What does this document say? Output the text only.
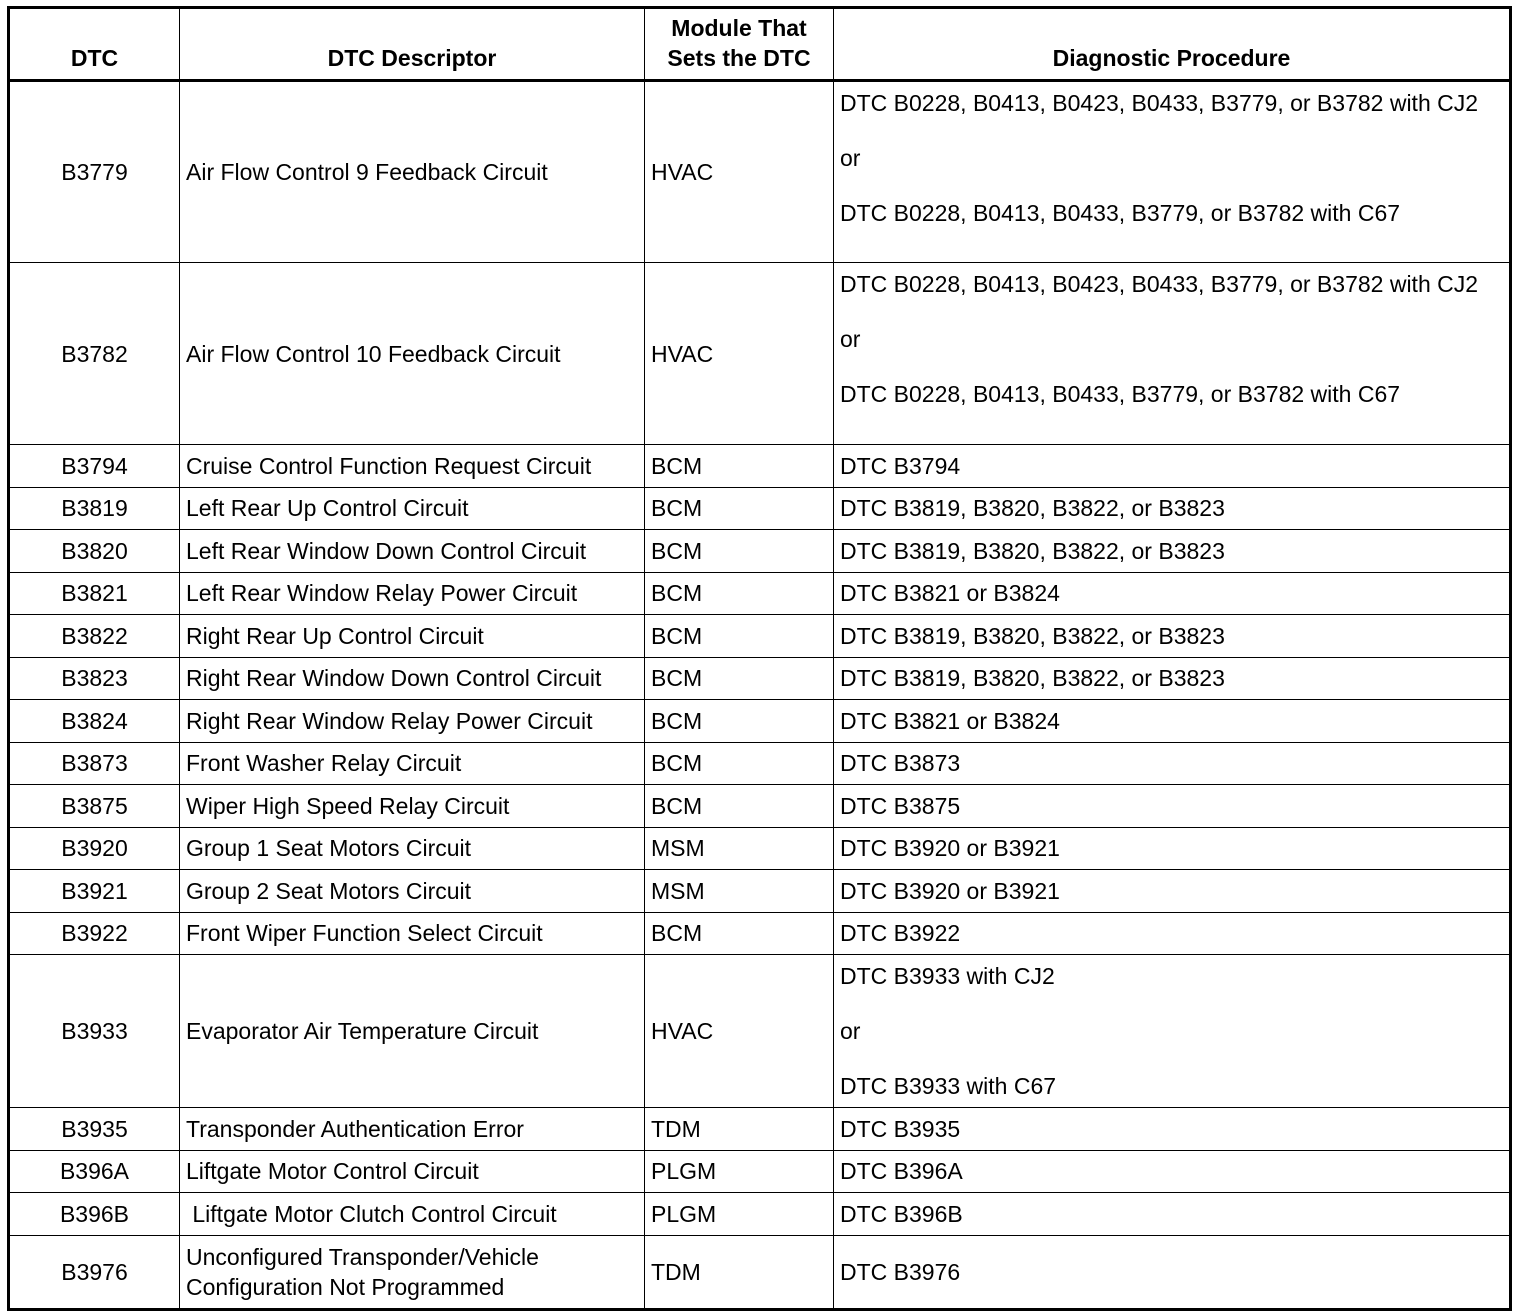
DTC	DTC Descriptor	Module That Sets the DTC	Diagnostic Procedure
B3779	Air Flow Control 9 Feedback Circuit	HVAC	DTC B0228, B0413, B0423, B0433, B3779, or B3782 with CJ2
or
DTC B0228, B0413, B0433, B3779, or B3782 with C67

B3782	Air Flow Control 10 Feedback Circuit	HVAC	DTC B0228, B0413, B0423, B0433, B3779, or B3782 with CJ2
or
DTC B0228, B0413, B0433, B3779, or B3782 with C67

B3794	Cruise Control Function Request Circuit	BCM	DTC B3794

B3819	Left Rear Up Control Circuit	BCM	DTC B3819, B3820, B3822, or B3823

B3820	Left Rear Window Down Control Circuit	BCM	DTC B3819, B3820, B3822, or B3823

B3821	Left Rear Window Relay Power Circuit	BCM	DTC B3821 or B3824

B3822	Right Rear Up Control Circuit	BCM	DTC B3819, B3820, B3822, or B3823

B3823	Right Rear Window Down Control Circuit	BCM	DTC B3819, B3820, B3822, or B3823

B3824	Right Rear Window Relay Power Circuit	BCM	DTC B3821 or B3824

B3873	Front Washer Relay Circuit	BCM	DTC B3873

B3875	Wiper High Speed Relay Circuit	BCM	DTC B3875

B3920	Group 1 Seat Motors Circuit	MSM	DTC B3920 or B3921

B3921	Group 2 Seat Motors Circuit	MSM	DTC B3920 or B3921

B3922	Front Wiper Function Select Circuit	BCM	DTC B3922

B3933	Evaporator Air Temperature Circuit	HVAC	DTC B3933 with CJ2
or
DTC B3933 with C67

B3935	Transponder Authentication Error	TDM	DTC B3935

B396A	Liftgate Motor Control Circuit	PLGM	DTC B396A

B396B	Liftgate Motor Clutch Control Circuit	PLGM	DTC B396B

B3976	Unconfigured Transponder/Vehicle Configuration Not Programmed	TDM	DTC B3976
